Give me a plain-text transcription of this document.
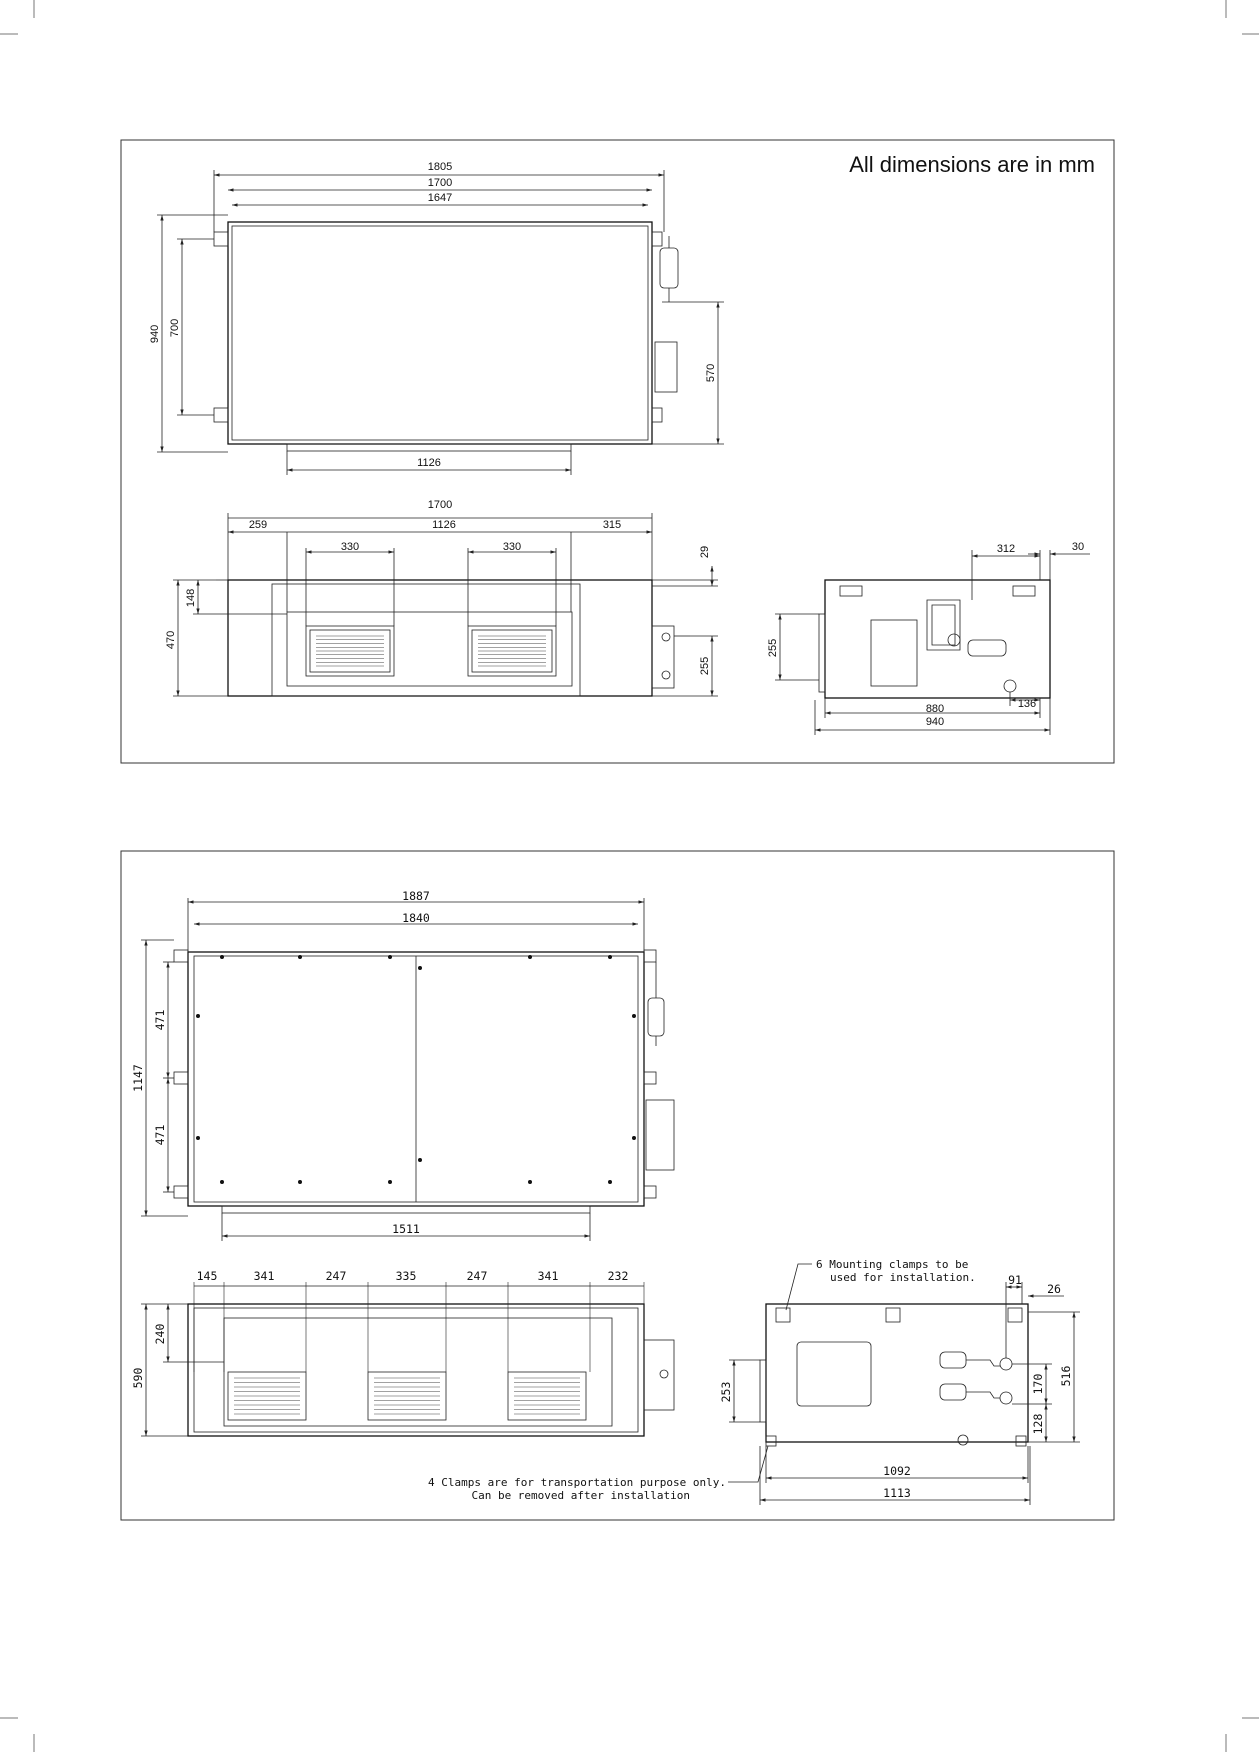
All dimensions are in mm
1805
1700
1647
940 700
570
1126
1700
259	1126	315
330	330
470
148
29
255
312	30
255
880
940
136
1887
1840
1147
471
471
1511
145	341	247	335	247	341	232
590
240
91
26
253	170
128
516
1092
1113
6 Mounting clamps to be
used for installation.
4 Clamps are for transportation purpose only.
Can be removed after installation
